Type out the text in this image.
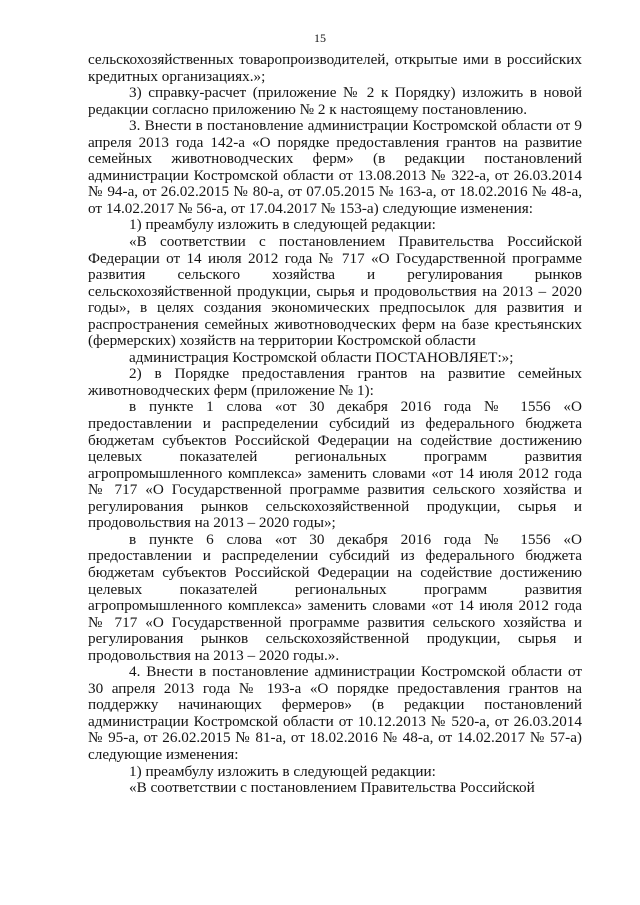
15

сельскохозяйственных товаропроизводителей, открытые ими в российских кредитных организациях.»;

3) справку-расчет (приложение № 2 к Порядку) изложить в новой редакции согласно приложению № 2 к настоящему постановлению.

3. Внести в постановление администрации Костромской области от 9 апреля 2013 года 142-а «О порядке предоставления грантов на развитие семейных животноводческих ферм» (в редакции постановлений администрации Костромской области от 13.08.2013 № 322-а, от 26.03.2014 № 94-а, от 26.02.2015 № 80-а, от 07.05.2015 № 163-а, от 18.02.2016 № 48-а, от 14.02.2017 № 56-а, от 17.04.2017 № 153-а) следующие изменения:

1) преамбулу изложить в следующей редакции:

«В соответствии с постановлением Правительства Российской Федерации от 14 июля 2012 года № 717 «О Государственной программе развития сельского хозяйства и регулирования рынков сельскохозяйственной продукции, сырья и продовольствия на 2013 – 2020 годы», в целях создания экономических предпосылок для развития и распространения семейных животноводческих ферм на базе крестьянских (фермерских) хозяйств на территории Костромской области

администрация Костромской области ПОСТАНОВЛЯЕТ:»;

2) в Порядке предоставления грантов на развитие семейных животноводческих ферм (приложение № 1):

в пункте 1 слова «от 30 декабря 2016 года № 1556 «О предоставлении и распределении субсидий из федерального бюджета бюджетам субъектов Российской Федерации на содействие достижению целевых показателей региональных программ развития агропромышленного комплекса» заменить словами «от 14 июля 2012 года № 717 «О Государственной программе развития сельского хозяйства и регулирования рынков сельскохозяйственной продукции, сырья и продовольствия на 2013 – 2020 годы»;

в пункте 6 слова «от 30 декабря 2016 года № 1556 «О предоставлении и распределении субсидий из федерального бюджета бюджетам субъектов Российской Федерации на содействие достижению целевых показателей региональных программ развития агропромышленного комплекса» заменить словами «от 14 июля 2012 года № 717 «О Государственной программе развития сельского хозяйства и регулирования рынков сельскохозяйственной продукции, сырья и продовольствия на 2013 – 2020 годы.».

4. Внести в постановление администрации Костромской области от 30 апреля 2013 года № 193-а «О порядке предоставления грантов на поддержку начинающих фермеров» (в редакции постановлений администрации Костромской области от 10.12.2013 № 520-а, от 26.03.2014 № 95-а, от 26.02.2015 № 81-а, от 18.02.2016 № 48-а, от 14.02.2017 № 57-а) следующие изменения:

1) преамбулу изложить в следующей редакции:

«В соответствии с постановлением Правительства Российской
